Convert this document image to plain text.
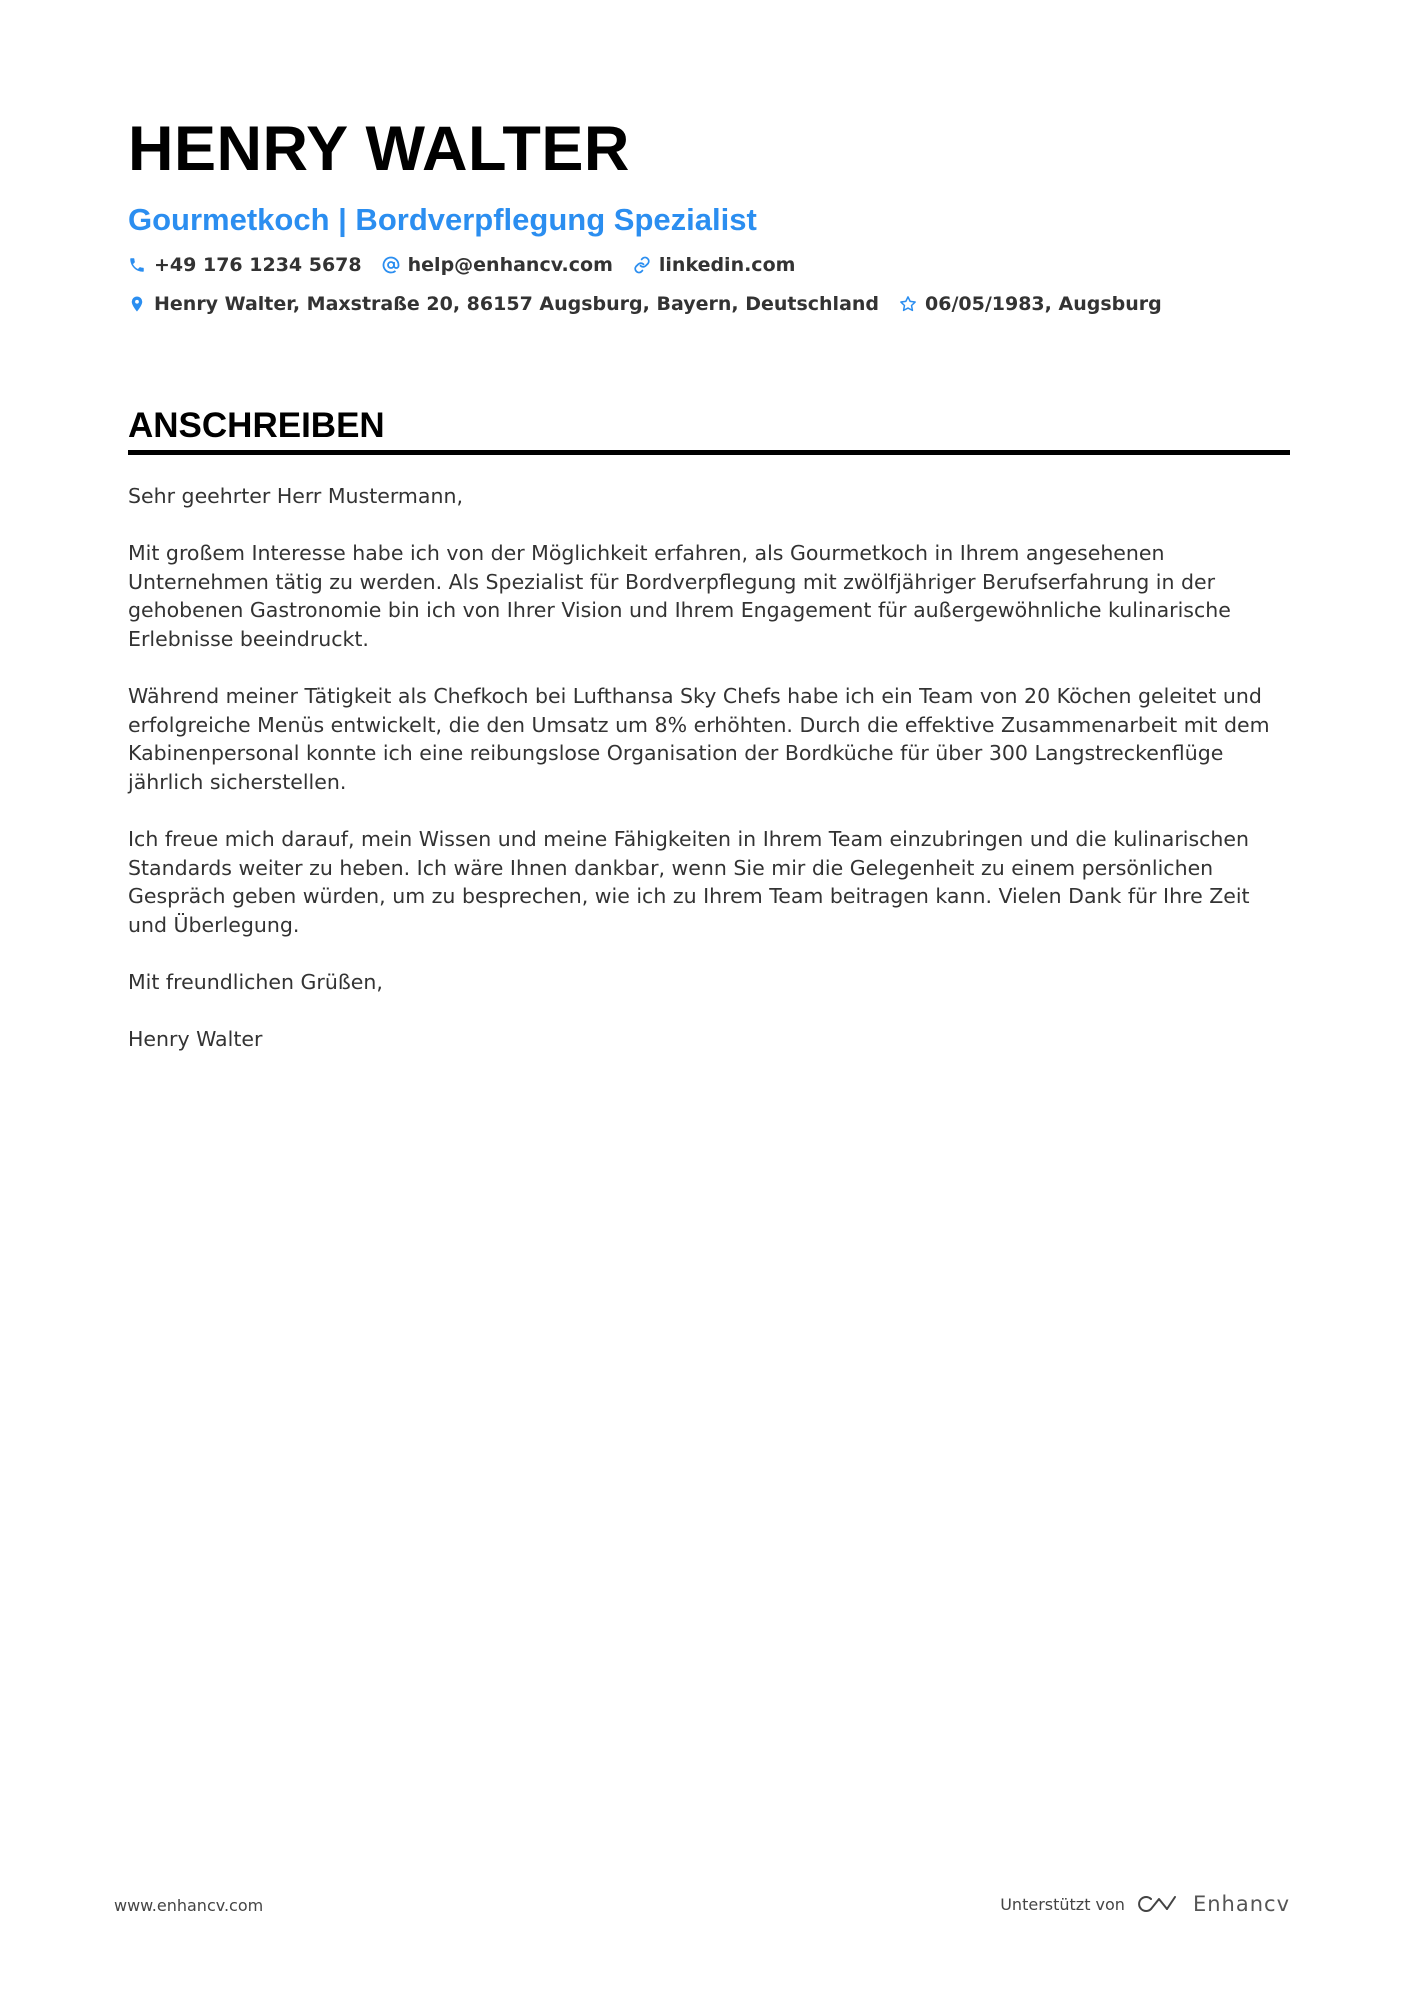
HENRY WALTER
Gourmetkoch | Bordverpflegung Spezialist
+49 176 1234 5678 help@enhancv.com linkedin.com
Henry Walter, Maxstraße 20, 86157 Augsburg, Bayern, Deutschland 06/05/1983, Augsburg
ANSCHREIBEN

Sehr geehrter Herr Mustermann,

Mit großem Interesse habe ich von der Möglichkeit erfahren, als Gourmetkoch in Ihrem angesehenen Unternehmen tätig zu werden. Als Spezialist für Bordverpflegung mit zwölfjähriger Berufserfahrung in der gehobenen Gastronomie bin ich von Ihrer Vision und Ihrem Engagement für außergewöhnliche kulinarische Erlebnisse beeindruckt.

Während meiner Tätigkeit als Chefkoch bei Lufthansa Sky Chefs habe ich ein Team von 20 Köchen geleitet und erfolgreiche Menüs entwickelt, die den Umsatz um 8% erhöhten. Durch die effektive Zusammenarbeit mit dem Kabinenpersonal konnte ich eine reibungslose Organisation der Bordküche für über 300 Langstreckenflüge jährlich sicherstellen.

Ich freue mich darauf, mein Wissen und meine Fähigkeiten in Ihrem Team einzubringen und die kulinarischen Standards weiter zu heben. Ich wäre Ihnen dankbar, wenn Sie mir die Gelegenheit zu einem persönlichen Gespräch geben würden, um zu besprechen, wie ich zu Ihrem Team beitragen kann. Vielen Dank für Ihre Zeit und Überlegung.

Mit freundlichen Grüßen,

Henry Walter

www.enhancv.com	Unterstützt von	Enhancv
